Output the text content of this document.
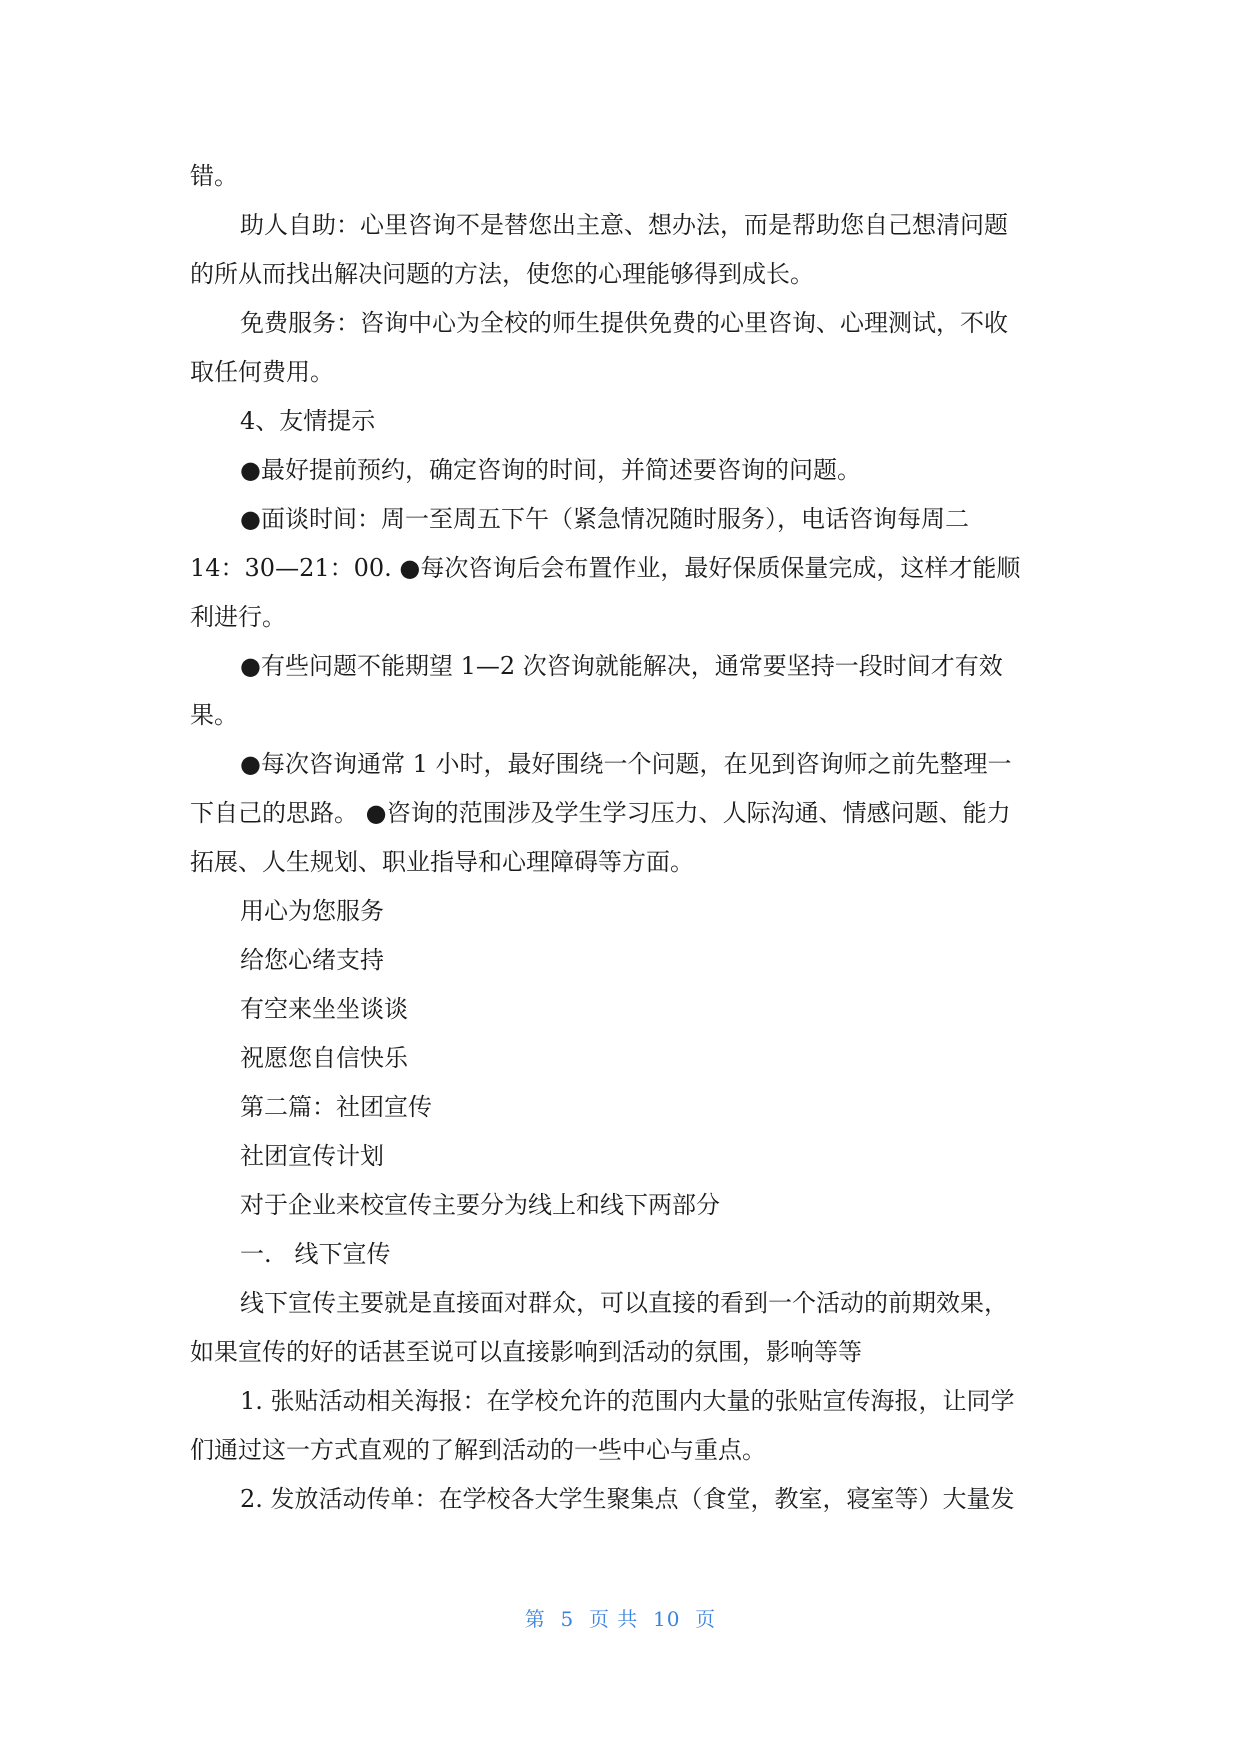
错。
助人自助：心里咨询不是替您出主意、想办法，而是帮助您自己想清问题
的所从而找出解决问题的方法，使您的心理能够得到成长。
免费服务：咨询中心为全校的师生提供免费的心里咨询、心理测试，不收
取任何费用。
4、友情提示
●最好提前预约，确定咨询的时间，并简述要咨询的问题。
●面谈时间：周一至周五下午（紧急情况随时服务），电话咨询每周二
14：30—21：00. ●每次咨询后会布置作业，最好保质保量完成，这样才能顺
利进行。
●有些问题不能期望 1—2 次咨询就能解决，通常要坚持一段时间才有效
果。
●每次咨询通常 1 小时，最好围绕一个问题，在见到咨询师之前先整理一
下自己的思路。 ●咨询的范围涉及学生学习压力、人际沟通、情感问题、能力
拓展、人生规划、职业指导和心理障碍等方面。
用心为您服务
给您心绪支持
有空来坐坐谈谈
祝愿您自信快乐
第二篇：社团宣传
社团宣传计划
对于企业来校宣传主要分为线上和线下两部分
一.   线下宣传
线下宣传主要就是直接面对群众，可以直接的看到一个活动的前期效果，
如果宣传的好的话甚至说可以直接影响到活动的氛围，影响等等
1. 张贴活动相关海报：在学校允许的范围内大量的张贴宣传海报，让同学
们通过这一方式直观的了解到活动的一些中心与重点。
2. 发放活动传单：在学校各大学生聚集点（食堂，教室，寝室等）大量发
第  5  页 共  10  页
